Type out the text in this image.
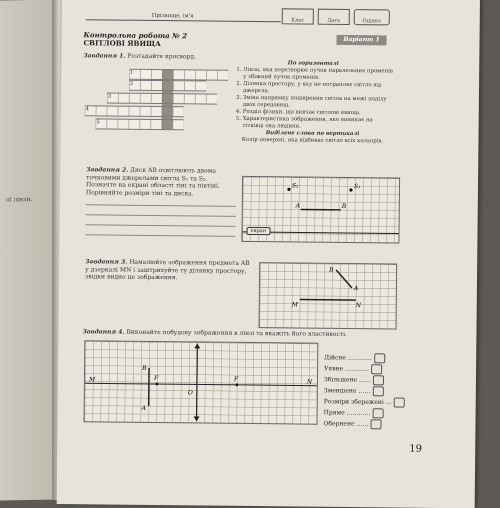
ої лінзи.
Прізвище, ім'я
Клас	Дата	Оцінка
Контрольна робота № 2
СВІТЛОВІ ЯВИЩА	Варіант 1
Завдання 1. Розгадайте кросворд.
1
2
3
4
5
По горизонталі
1. Лінза, яка перетворює пучок паралельних променів у збіжний пучок променів.
2. Ділянка простору, у яку не потрапляє світло від джерела.
3. Зміна напрямку поширення світла на межі поділу двох середовищ.
4. Розділ фізики, що вивчає світлові явища.
5. Характеристика зображення, яке виникає на сітківці ока людини.
Виділене слово по вертикалі
Колір поверхні, яка відбиває світло всіх кольорів.
Завдання 2. Диск AB освітлюють двома точковими джерелами світла S₁ та S₂. Позначте на екрані області тіні та півтіні. Порівняйте розміри тіні та диска.
S₂	S₁
A	B
екран
Завдання 3. Намалюйте зображення предмета AB у дзеркалі MN і заштрихуйте ту ділянку простору, звідки видно це зображення.
B
A
M	N
Завдання 4. Виконайте побудову зображення в лінзі та вкажіть його властивості.
M	N
B
A
F	F
O
Дійсне …………
Уявне …………
Збільшене ……
Зменшене ……
Розміри збережені …
Пряме …………
Обернене ……
19
